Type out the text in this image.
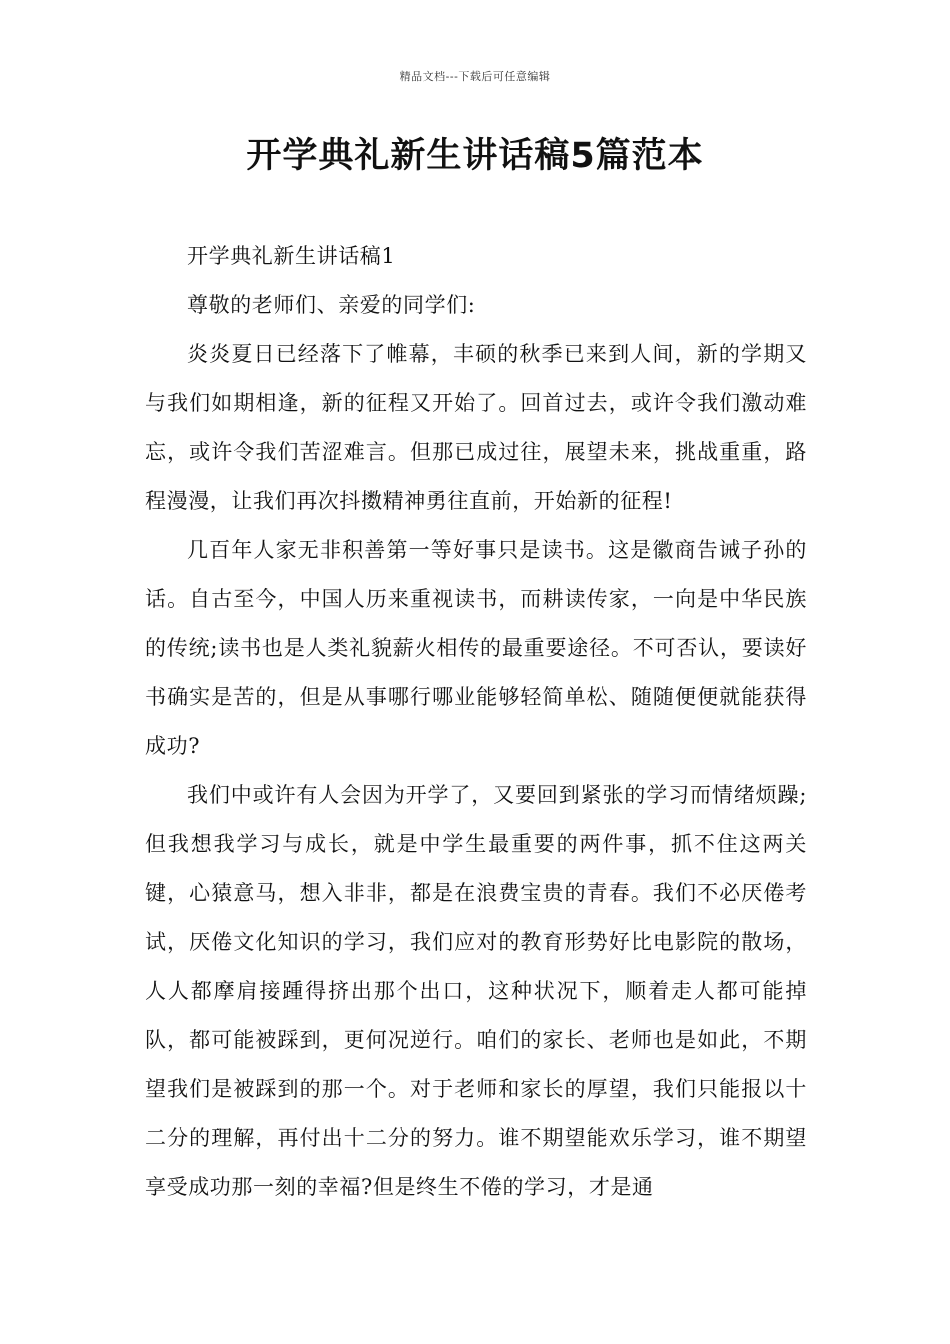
精品文档---下载后可任意编辑
开学典礼新生讲话稿5篇范本

开学典礼新生讲话稿1

尊敬的老师们、亲爱的同学们:

炎炎夏日已经落下了帷幕，丰硕的秋季已来到人间，新的学期又与我们如期相逢，新的征程又开始了。回首过去，或许令我们激动难忘，或许令我们苦涩难言。但那已成过往，展望未来，挑战重重，路程漫漫，让我们再次抖擞精神勇往直前，开始新的征程!

几百年人家无非积善第一等好事只是读书。这是徽商告诫子孙的话。自古至今，中国人历来重视读书，而耕读传家，一向是中华民族的传统;读书也是人类礼貌薪火相传的最重要途径。不可否认，要读好书确实是苦的，但是从事哪行哪业能够轻简单松、随随便便就能获得成功?

我们中或许有人会因为开学了，又要回到紧张的学习而情绪烦躁;但我想我学习与成长，就是中学生最重要的两件事，抓不住这两关键，心猿意马，想入非非，都是在浪费宝贵的青春。我们不必厌倦考试，厌倦文化知识的学习，我们应对的教育形势好比电影院的散场，人人都摩肩接踵得挤出那个出口，这种状况下，顺着走人都可能掉队，都可能被踩到，更何况逆行。咱们的家长、老师也是如此，不期望我们是被踩到的那一个。对于老师和家长的厚望，我们只能报以十二分的理解，再付出十二分的努力。谁不期望能欢乐学习，谁不期望享受成功那一刻的幸福?但是终生不倦的学习，才是通
